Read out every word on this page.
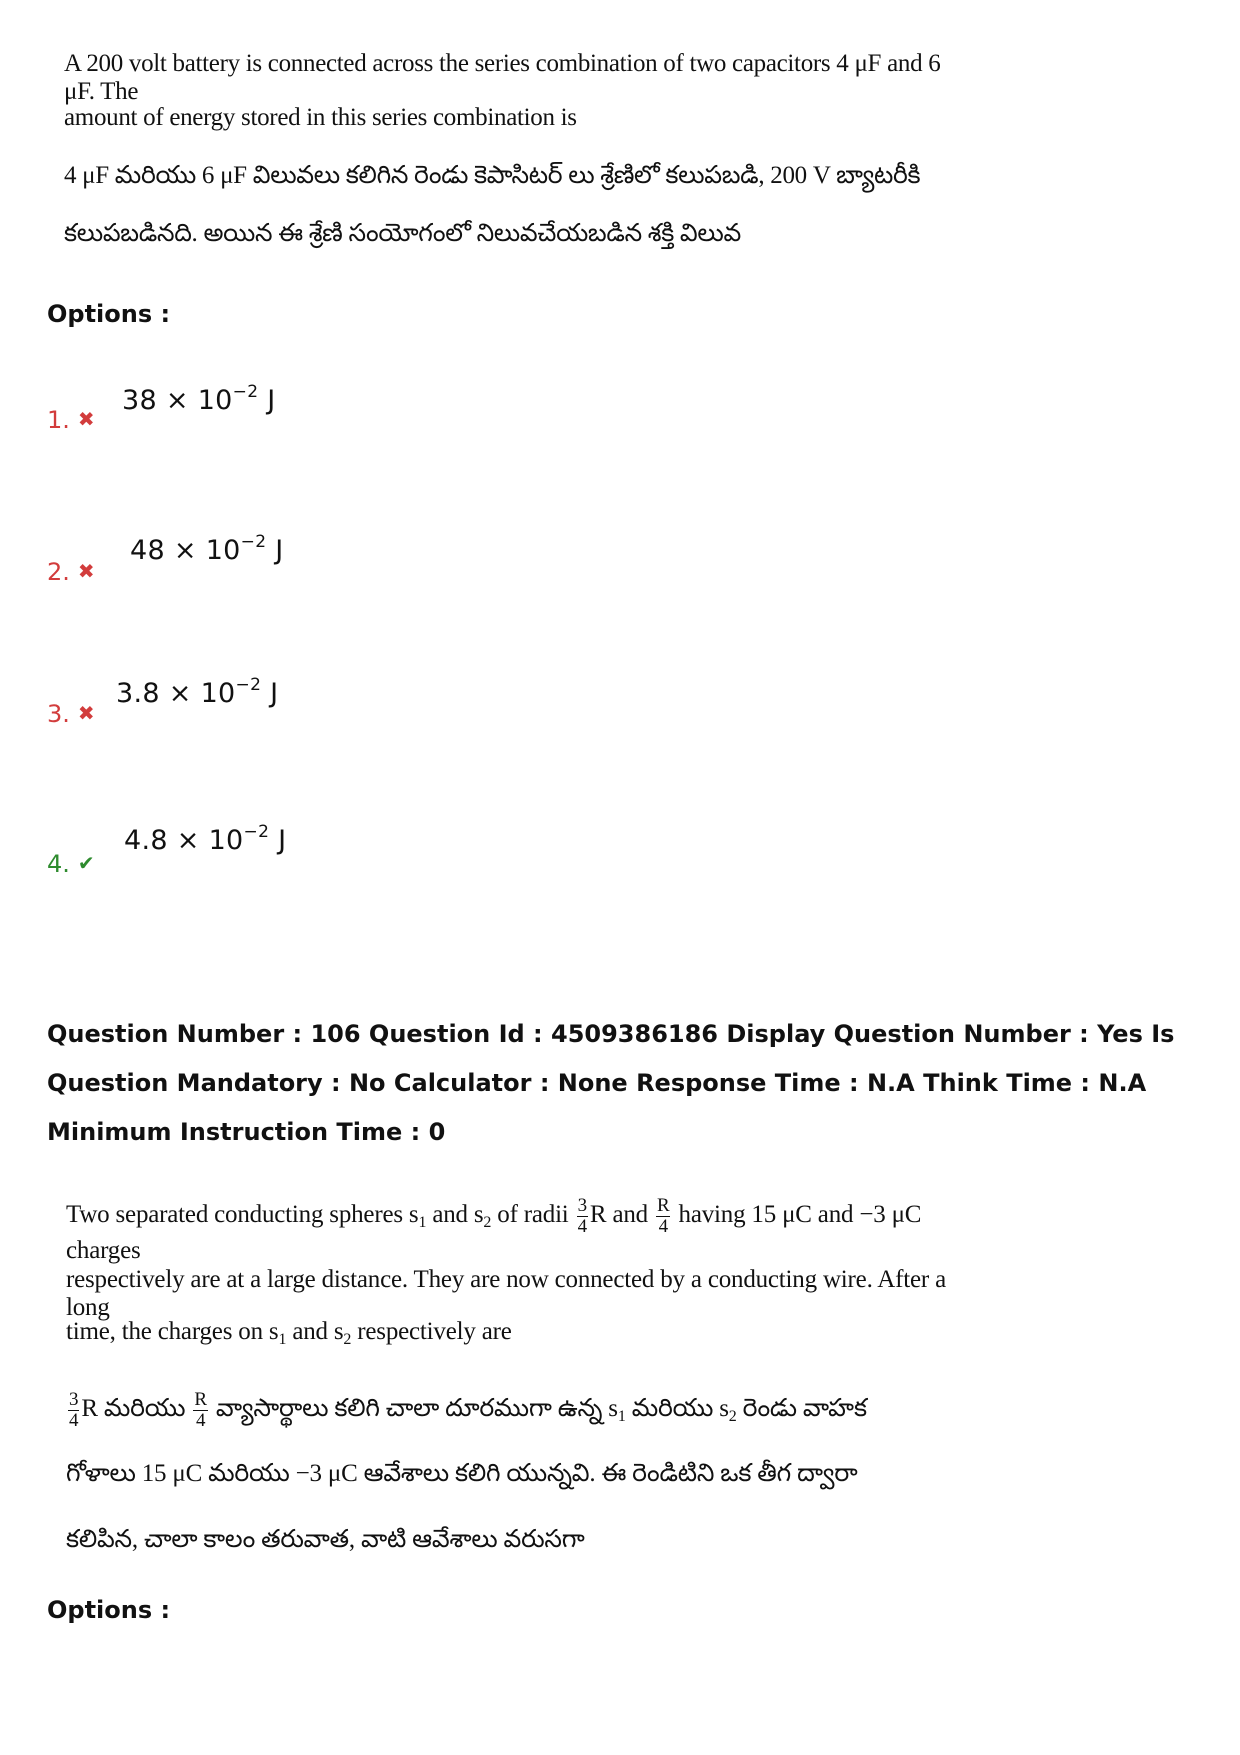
A 200 volt battery is connected across the series combination of two capacitors 4 μF and 6 μF. The
amount of energy stored in this series combination is
4 μF మరియు 6 μF విలువలు కలిగిన రెండు కెపాసిటర్ లు శ్రేణిలో కలుపబడి, 200 V బ్యాటరీకి
కలుపబడినది. అయిన ఈ శ్రేణి సంయోగంలో నిలువచేయబడిన శక్తి విలువ
Options :
1. ✖
$38 \times 10^{-2}$ J
2. ✖
$48 \times 10^{-2}$ J
3. ✖
$3.8 \times 10^{-2}$ J
4. ✔
$4.8 \times 10^{-2}$ J
Question Number : 106 Question Id : 4509386186 Display Question Number : Yes Is Question Mandatory : No Calculator : None Response Time : N.A Think Time : N.A Minimum Instruction Time : 0
Two separated conducting spheres $s_1$ and $s_2$ of radii $\frac{3}{4}$ R and $\frac{R}{4}$ having 15 μC and −3 μC charges
respectively are at a large distance. They are now connected by a conducting wire. After a long
time, the charges on $s_1$ and $s_2$ respectively are
$\frac{3}{4}$ R మరియు $\frac{R}{4}$ వ్యాసార్థాలు కలిగి చాలా దూరముగా ఉన్న $s_1$ మరియు $s_2$ రెండు వాహక
గోళాలు 15 μC మరియు −3 μC ఆవేశాలు కలిగి యున్నవి. ఈ రెండిటిని ఒక తీగ ద్వారా
కలిపిన, చాలా కాలం తరువాత, వాటి ఆవేశాలు వరుసగా
Options :
